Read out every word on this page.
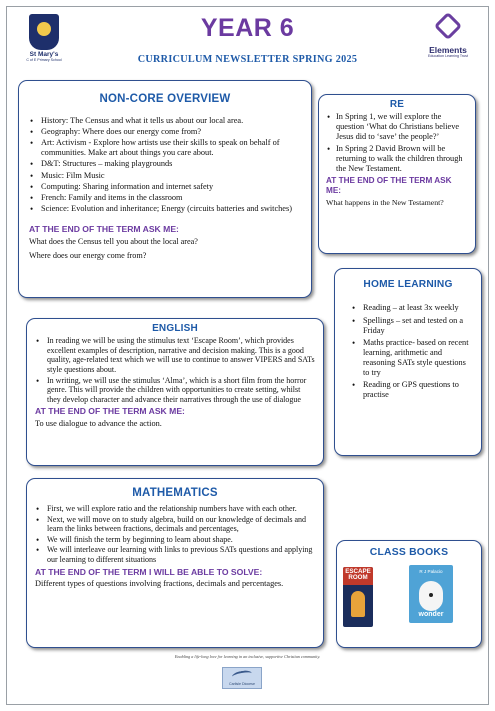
St Mary's
C of E Primary School
YEAR 6
CURRICULUM NEWSLETTER SPRING 2025
Elements
Education Learning Trust
NON-CORE OVERVIEW
• History: The Census and what it tells us about our local area.
• Geography: Where does our energy come from?
• Art: Activism - Explore how artists use their skills to speak on behalf of communities. Make art about things you care about.
• D&T: Structures – making playgrounds
• Music: Film Music
• Computing: Sharing information and internet safety
• French: Family and items in the classroom
• Science: Evolution and inheritance; Energy (circuits batteries and switches)
AT THE END OF THE TERM ASK ME:

What does the Census tell you about the local area?

Where does our energy come from?

RE
• In Spring 1, we will explore the question ‘What do Christians believe Jesus did to ‘save’ the people?’
• In Spring 2 David Brown will be returning to walk the children through the New Testament.
AT THE END OF THE TERM ASK ME:

What happens in the New Testament?

HOME LEARNING
• Reading – at least 3x weekly
• Spellings – set and tested on a Friday
• Maths practice- based on recent learning, arithmetic and reasoning SATs style questions to try
• Reading or GPS questions to practise
ENGLISH
• In reading we will be using the stimulus text ‘Escape Room’, which provides excellent examples of description, narrative and decision making. This is a good quality, age-related text which we will use to continue to answer VIPERS and SATs style questions about.
• In writing, we will use the stimulus ‘Alma’, which is a short film from the horror genre. This will provide the children with opportunities to create setting, whilst they develop character and advance their narratives through the use of dialogue
AT THE END OF THE TERM ASK ME:

To use dialogue to advance the action.

MATHEMATICS
• First, we will explore ratio and the relationship numbers have with each other.
• Next, we will move on to study algebra, build on our knowledge of decimals and learn the links between fractions, decimals and percentages,
• We will finish the term by beginning to learn about shape.
• We will interleave our learning with links to previous SATs questions and applying our learning to different situations
AT THE END OF THE TERM I WILL BE ABLE TO SOLVE:

Different types of questions involving fractions, decimals and percentages.

CLASS BOOKS
ESCAPE ROOM
R J Palacio
wonder
Enabling a life-long love for learning in an inclusive, supportive Christian community.
Carlisle Diocese
